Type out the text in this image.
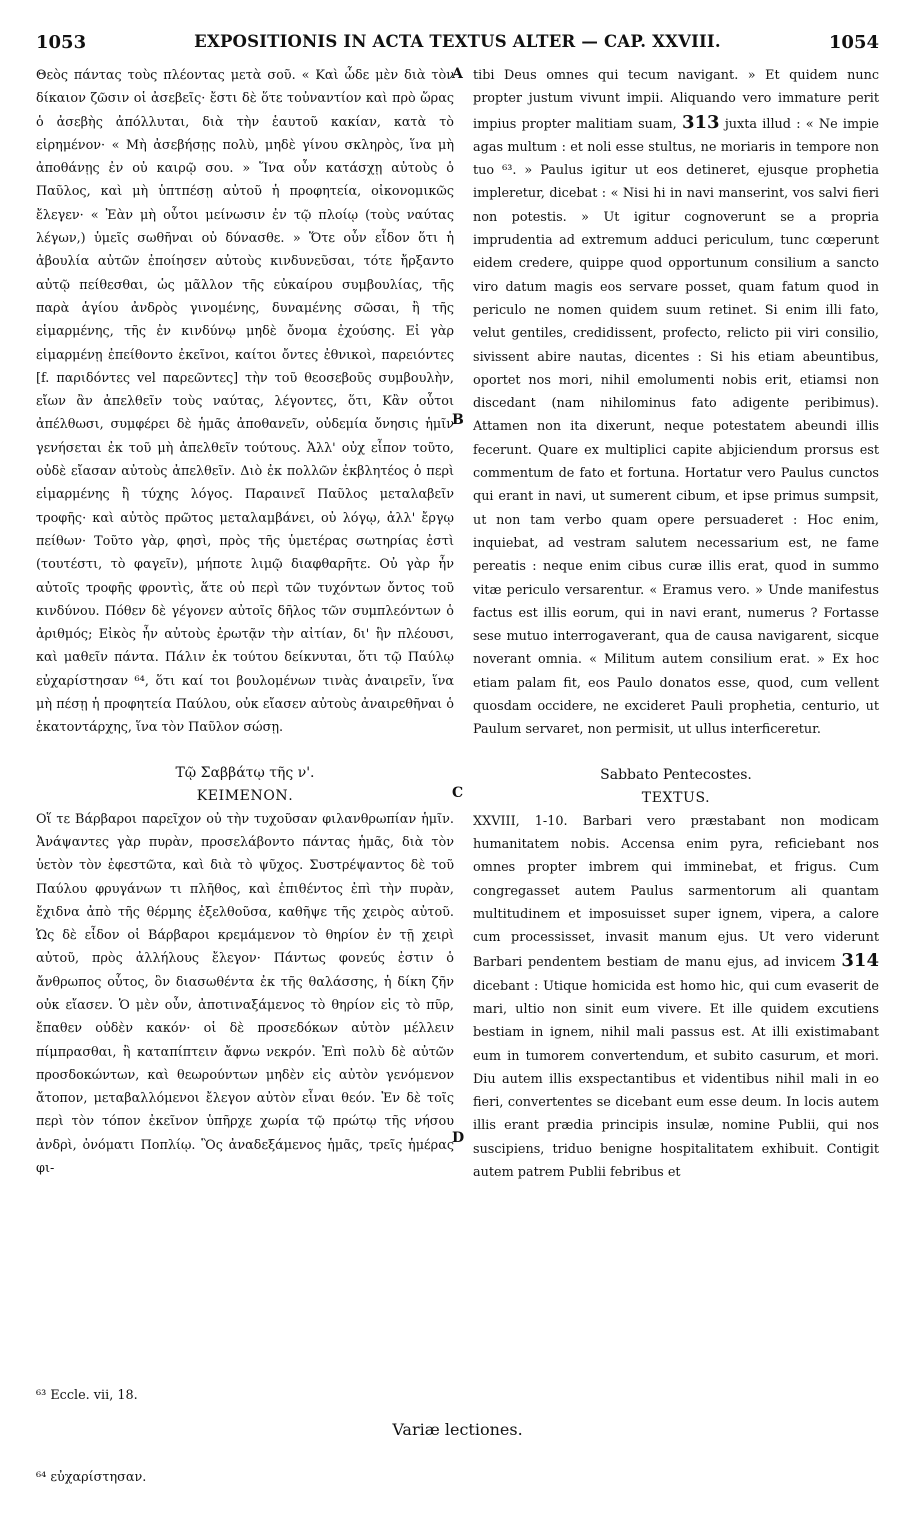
1053	EXPOSITIONIS IN ACTA TEXTUS ALTER — CAP. XXVIII.	1054

Θεὸς πάντας τοὺς πλέοντας μετὰ σοῦ. « Καὶ ὧδε μὲν διὰ τὸν δίκαιον ζῶσιν οἱ ἀσεβεῖς· ἔστι δὲ ὅτε τοὐναντίον καὶ πρὸ ὥρας ὁ ἀσεβὴς ἀπόλλυται, διὰ τὴν ἑαυτοῦ κακίαν, κατὰ τὸ εἰρημένον· « Μὴ ἀσεβήσῃς πολὺ, μηδὲ γίνου σκληρὸς, ἵνα μὴ ἀποθάνῃς ἐν οὐ καιρῷ σου. » Ἵνα οὖν κατάσχῃ αὐτοὺς ὁ Παῦλος, καὶ μὴ ὑπτπέσῃ αὐτοῦ ἡ προφητεία, οἰκονομικῶς ἔλεγεν· « Ἐὰν μὴ οὗτοι μείνωσιν ἐν τῷ πλοίῳ (τοὺς ναύτας λέγων,) ὑμεῖς σωθῆναι οὐ δύνασθε. » Ὅτε οὖν εἶδον ὅτι ἡ ἀβουλία αὐτῶν ἐποίησεν αὐτοὺς κινδυνεῦσαι, τότε ἤρξαντο αὐτῷ πείθεσθαι, ὡς μᾶλλον τῆς εὐκαίρου συμβουλίας, τῆς παρὰ ἁγίου ἀνδρὸς γινομένης, δυναμένης σῶσαι, ἢ τῆς εἱμαρμένης, τῆς ἐν κινδύνῳ μηδὲ ὄνομα ἐχούσης. Εἰ γὰρ εἱμαρμένῃ ἐπείθοντο ἐκεῖνοι, καίτοι ὄντες ἐθνικοὶ, παρειόντες [f. παριδόντες vel παρεῶντες] τὴν τοῦ θεοσεβοῦς συμβουλὴν, εἴων ἂν ἀπελθεῖν τοὺς ναύτας, λέγοντες, ὅτι, Κἂν οὗτοι ἀπέλθωσι, συμφέρει δὲ ἡμᾶς ἀποθανεῖν, οὐδεμία ὄνησις ἡμῖν γενήσεται ἐκ τοῦ μὴ ἀπελθεῖν τούτους. Ἀλλ' οὐχ εἶπον τοῦτο, οὐδὲ εἴασαν αὐτοὺς ἀπελθεῖν. Διὸ ἐκ πολλῶν ἐκβλητέος ὁ περὶ εἱμαρμένης ἢ τύχης λόγος. Παραινεῖ Παῦλος μεταλαβεῖν τροφῆς· καὶ αὐτὸς πρῶτος μεταλαμβάνει, οὐ λόγῳ, ἀλλ' ἔργῳ πείθων· Τοῦτο γὰρ, φησὶ, πρὸς τῆς ὑμετέρας σωτηρίας ἐστὶ (τουτέστι, τὸ φαγεῖν), μήποτε λιμῷ διαφθαρῆτε. Οὐ γὰρ ἦν αὐτοῖς τροφῆς φροντὶς, ἅτε οὐ περὶ τῶν τυχόντων ὄντος τοῦ κινδύνου. Πόθεν δὲ γέγονεν αὐτοῖς δῆλος τῶν συμπλεόντων ὁ ἀριθμός; Εἰκὸς ἦν αὐτοὺς ἐρωτᾷν τὴν αἰτίαν, δι' ἣν πλέουσι, καὶ μαθεῖν πάντα. Πάλιν ἐκ τούτου δείκνυται, ὅτι τῷ Παύλῳ εὐχαρίστησαν ⁶⁴, ὅτι καί τοι βουλομένων τινὰς ἀναιρεῖν, ἵνα μὴ πέσῃ ἡ προφητεία Παύλου, οὐκ εἴασεν αὐτοὺς ἀναιρεθῆναι ὁ ἑκατοντάρχης, ἵνα τὸν Παῦλον σώσῃ.

Τῷ Σαββάτῳ τῆς ν'.
ΚΕΙΜΕΝΟΝ.

Οἵ τε Βάρβαροι παρεῖχον οὐ τὴν τυχοῦσαν φιλανθρωπίαν ἡμῖν. Ἀνάψαντες γὰρ πυρὰν, προσελάβοντο πάντας ἡμᾶς, διὰ τὸν ὑετὸν τὸν ἐφεστῶτα, καὶ διὰ τὸ ψῦχος. Συστρέψαντος δὲ τοῦ Παύλου φρυγάνων τι πλῆθος, καὶ ἐπιθέντος ἐπὶ τὴν πυρὰν, ἔχιδνα ἀπὸ τῆς θέρμης ἐξελθοῦσα, καθῆψε τῆς χειρὸς αὐτοῦ. Ὡς δὲ εἶδον οἱ Βάρβαροι κρεμάμενον τὸ θηρίον ἐν τῇ χειρὶ αὐτοῦ, πρὸς ἀλλήλους ἔλεγον· Πάντως φονεύς ἐστιν ὁ ἄνθρωπος οὗτος, ὃν διασωθέντα ἐκ τῆς θαλάσσης, ἡ δίκη ζῆν οὐκ εἴασεν. Ὁ μὲν οὖν, ἀποτιναξάμενος τὸ θηρίον εἰς τὸ πῦρ, ἔπαθεν οὐδὲν κακόν· οἱ δὲ προσεδόκων αὐτὸν μέλλειν πίμπρασθαι, ἢ καταπίπτειν ἄφνω νεκρόν. Ἐπὶ πολὺ δὲ αὐτῶν προσδοκώντων, καὶ θεωρούντων μηδὲν εἰς αὐτὸν γενόμενον ἄτοπον, μεταβαλλόμενοι ἔλεγον αὐτὸν εἶναι θεόν. Ἐν δὲ τοῖς περὶ τὸν τόπον ἐκεῖνον ὑπῆρχε χωρία τῷ πρώτῳ τῆς νήσου ἀνδρὶ, ὀνόματι Ποπλίῳ. Ὃς ἀναδεξάμενος ἡμᾶς, τρεῖς ἡμέρας φι-

A
B
C
D

tibi Deus omnes qui tecum navigant. » Et quidem nunc propter justum vivunt impii. Aliquando vero immature perit impius propter malitiam suam, 313 juxta illud : « Ne impie agas multum : et noli esse stultus, ne moriaris in tempore non tuo ⁶³. » Paulus igitur ut eos detineret, ejusque prophetia impleretur, dicebat : « Nisi hi in navi manserint, vos salvi fieri non potestis. » Ut igitur cognoverunt se a propria imprudentia ad extremum adduci periculum, tunc cœperunt eidem credere, quippe quod opportunum consilium a sancto viro datum magis eos servare posset, quam fatum quod in periculo ne nomen quidem suum retinet. Si enim illi fato, velut gentiles, credidissent, profecto, relicto pii viri consilio, sivissent abire nautas, dicentes : Si his etiam abeuntibus, oportet nos mori, nihil emolumenti nobis erit, etiamsi non discedant (nam nihilominus fato adigente peribimus). Attamen non ita dixerunt, neque potestatem abeundi illis fecerunt. Quare ex multiplici capite abjiciendum prorsus est commentum de fato et fortuna. Hortatur vero Paulus cunctos qui erant in navi, ut sumerent cibum, et ipse primus sumpsit, ut non tam verbo quam opere persuaderet : Hoc enim, inquiebat, ad vestram salutem necessarium est, ne fame pereatis : neque enim cibus curæ illis erat, quod in summo vitæ periculo versarentur. « Eramus vero. » Unde manifestus factus est illis eorum, qui in navi erant, numerus ? Fortasse sese mutuo interrogaverant, qua de causa navigarent, sicque noverant omnia. « Militum autem consilium erat. » Ex hoc etiam palam fit, eos Paulo donatos esse, quod, cum vellent quosdam occidere, ne excideret Pauli prophetia, centurio, ut Paulum servaret, non permisit, ut ullus interficeretur.

Sabbato Pentecostes.
TEXTUS.

XXVIII, 1-10. Barbari vero præstabant non modicam humanitatem nobis. Accensa enim pyra, reficiebant nos omnes propter imbrem qui imminebat, et frigus. Cum congregasset autem Paulus sarmentorum ali quantam multitudinem et imposuisset super ignem, vipera, a calore cum processisset, invasit manum ejus. Ut vero viderunt Barbari pendentem bestiam de manu ejus, ad invicem 314 dicebant : Utique homicida est homo hic, qui cum evaserit de mari, ultio non sinit eum vivere. Et ille quidem excutiens bestiam in ignem, nihil mali passus est. At illi existimabant eum in tumorem convertendum, et subito casurum, et mori. Diu autem illis exspectantibus et videntibus nihil mali in eo fieri, convertentes se dicebant eum esse deum. In locis autem illis erant prædia principis insulæ, nomine Publii, qui nos suscipiens, triduo benigne hospitalitatem exhibuit. Contigit autem patrem Publii febribus et

⁶³ Eccle. vii, 18.
Variæ lectiones.
⁶⁴ εὐχαρίστησαν.
